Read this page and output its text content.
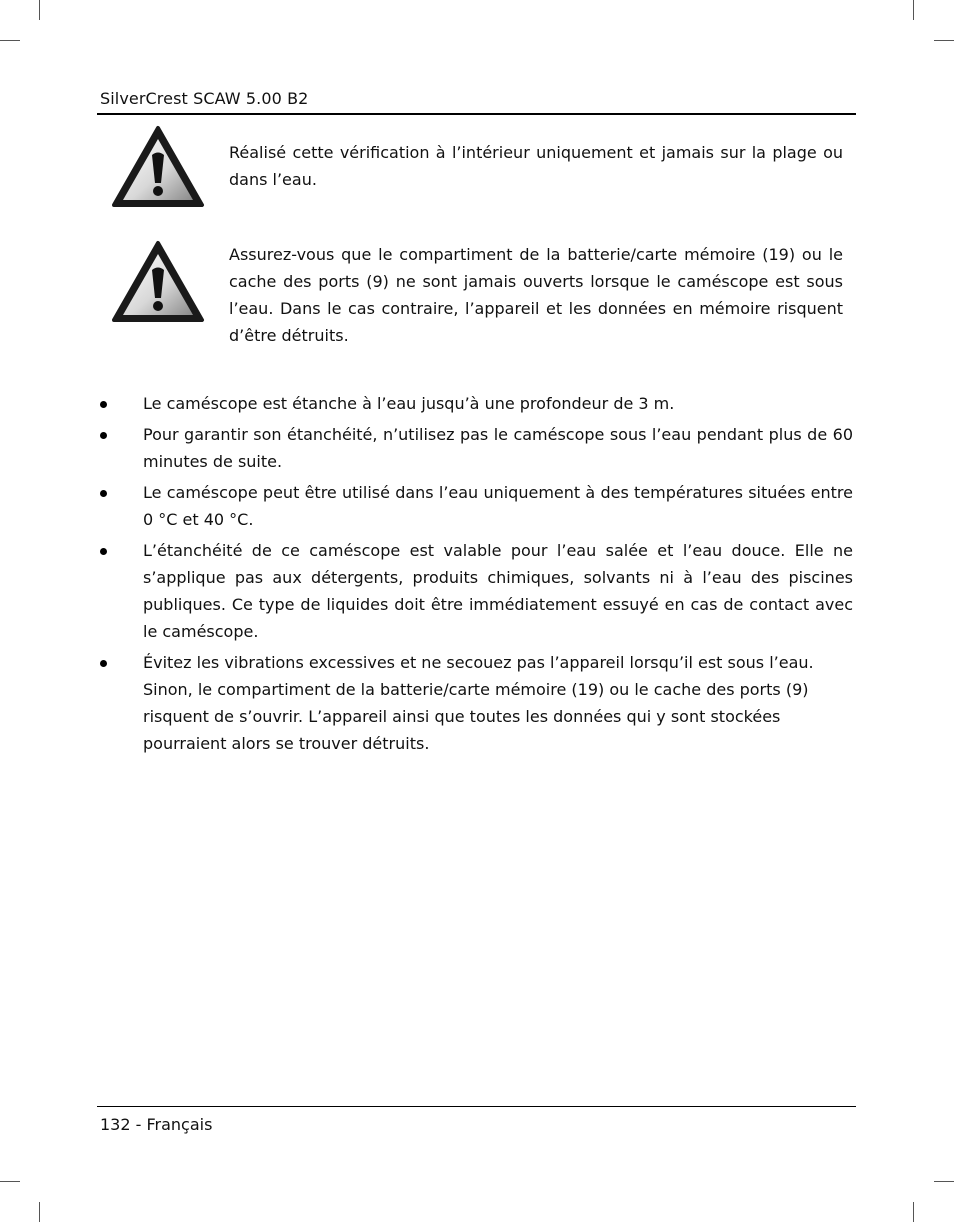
SilverCrest SCAW 5.00 B2
Réalisé cette vérification à l’intérieur uniquement et jamais sur la plage ou dans l’eau.
Assurez-vous que le compartiment de la batterie/carte mémoire (19) ou le cache des ports (9) ne sont jamais ouverts lorsque le caméscope est sous l’eau. Dans le cas contraire, l’appareil et les données en mémoire risquent d’être détruits.
Le caméscope est étanche à l’eau jusqu’à une profondeur de 3 m.
Pour garantir son étanchéité, n’utilisez pas le caméscope sous l’eau pendant plus de 60 minutes de suite.
Le caméscope peut être utilisé dans l’eau uniquement à des températures situées entre 0 °C et 40 °C.
L’étanchéité de ce caméscope est valable pour l’eau salée et l’eau douce. Elle ne s’applique pas aux détergents, produits chimiques, solvants ni à l’eau des piscines publiques. Ce type de liquides doit être immédiatement essuyé en cas de contact avec le caméscope.
Évitez les vibrations excessives et ne secouez pas l’appareil lorsqu’il est sous l’eau. Sinon, le compartiment de la batterie/carte mémoire (19) ou le cache des ports (9) risquent de s’ouvrir. L’appareil ainsi que toutes les données qui y sont stockées pourraient alors se trouver détruits.
132 - Français
